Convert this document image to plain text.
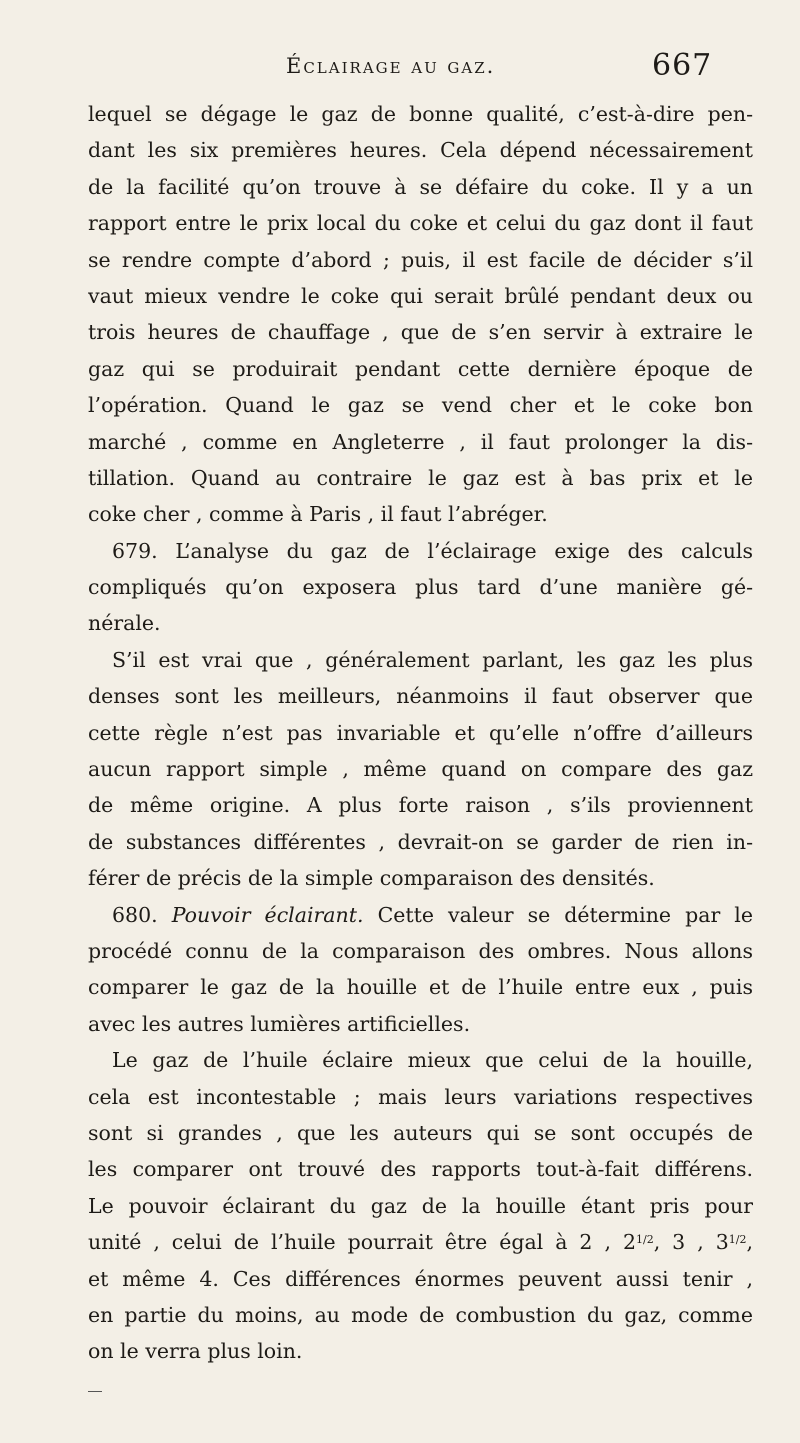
Éclairage au gaz.	667
lequel se dégage le gaz de bonne qualité, c’est-à-dire pen-
dant les six premières heures. Cela dépend nécessairement
de la facilité qu’on trouve à se défaire du coke. Il y a un
rapport entre le prix local du coke et celui du gaz dont il faut
se rendre compte d’abord ; puis, il est facile de décider s’il
vaut mieux vendre le coke qui serait brûlé pendant deux ou
trois heures de chauffage , que de s’en servir à extraire le
gaz qui se produirait pendant cette dernière époque de
l’opération. Quand le gaz se vend cher et le coke bon
marché , comme en Angleterre , il faut prolonger la dis-
tillation. Quand au contraire le gaz est à bas prix et le
coke cher , comme à Paris , il faut l’abréger.
679. L’analyse du gaz de l’éclairage exige des calculs
compliqués qu’on exposera plus tard d’une manière gé-
nérale.
S’il est vrai que , généralement parlant, les gaz les plus
denses sont les meilleurs, néanmoins il faut observer que
cette règle n’est pas invariable et qu’elle n’offre d’ailleurs
aucun rapport simple , même quand on compare des gaz
de même origine. A plus forte raison , s’ils proviennent
de substances différentes , devrait-on se garder de rien in-
férer de précis de la simple comparaison des densités.
680. Pouvoir éclairant. Cette valeur se détermine par le
procédé connu de la comparaison des ombres. Nous allons
comparer le gaz de la houille et de l’huile entre eux , puis
avec les autres lumières artificielles.
Le gaz de l’huile éclaire mieux que celui de la houille,
cela est incontestable ; mais leurs variations respectives
sont si grandes , que les auteurs qui se sont occupés de
les comparer ont trouvé des rapports tout-à-fait différens.
Le pouvoir éclairant du gaz de la houille étant pris pour
unité , celui de l’huile pourrait être égal à 2 , 21/2, 3 , 31/2,
et même 4. Ces différences énormes peuvent aussi tenir ,
en partie du moins, au mode de combustion du gaz, comme
on le verra plus loin.
